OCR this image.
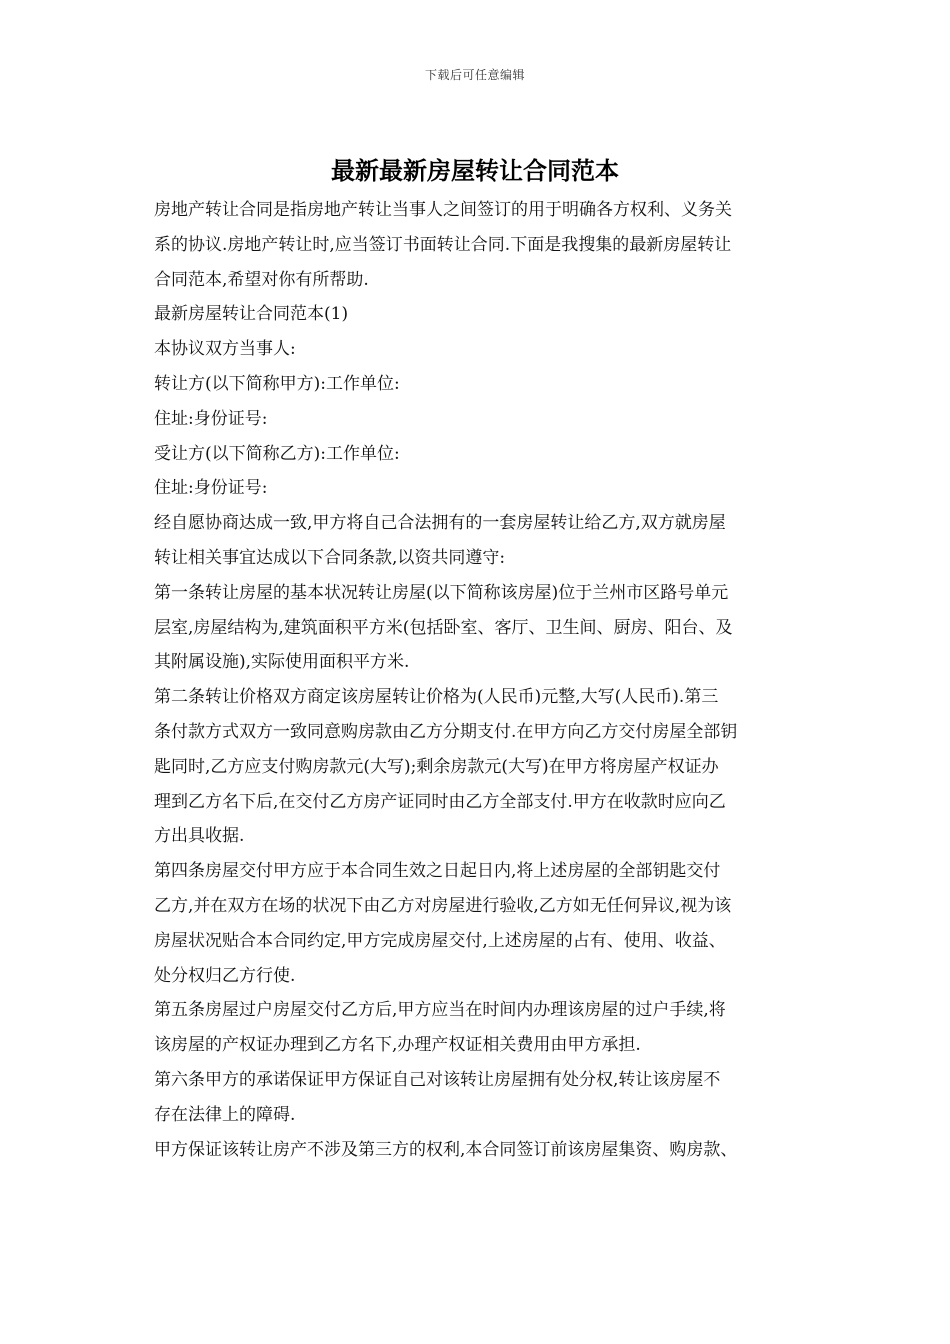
下载后可任意编辑
最新最新房屋转让合同范本

房地产转让合同是指房地产转让当事人之间签订的用于明确各方权利、义务关

系的协议.房地产转让时,应当签订书面转让合同.下面是我搜集的最新房屋转让

合同范本,希望对你有所帮助.

最新房屋转让合同范本(1)

本协议双方当事人:

转让方(以下简称甲方):工作单位:

住址:身份证号:

受让方(以下简称乙方):工作单位:

住址:身份证号:

经自愿协商达成一致,甲方将自己合法拥有的一套房屋转让给乙方,双方就房屋

转让相关事宜达成以下合同条款,以资共同遵守:

第一条转让房屋的基本状况转让房屋(以下简称该房屋)位于兰州市区路号单元

层室,房屋结构为,建筑面积平方米(包括卧室、客厅、卫生间、厨房、阳台、及

其附属设施),实际使用面积平方米.

第二条转让价格双方商定该房屋转让价格为(人民币)元整,大写(人民币).第三

条付款方式双方一致同意购房款由乙方分期支付.在甲方向乙方交付房屋全部钥

匙同时,乙方应支付购房款元(大写);剩余房款元(大写)在甲方将房屋产权证办

理到乙方名下后,在交付乙方房产证同时由乙方全部支付.甲方在收款时应向乙

方出具收据.

第四条房屋交付甲方应于本合同生效之日起日内,将上述房屋的全部钥匙交付

乙方,并在双方在场的状况下由乙方对房屋进行验收,乙方如无任何异议,视为该

房屋状况贴合本合同约定,甲方完成房屋交付,上述房屋的占有、使用、收益、

处分权归乙方行使.

第五条房屋过户房屋交付乙方后,甲方应当在时间内办理该房屋的过户手续,将

该房屋的产权证办理到乙方名下,办理产权证相关费用由甲方承担.

第六条甲方的承诺保证甲方保证自己对该转让房屋拥有处分权,转让该房屋不

存在法律上的障碍.

甲方保证该转让房产不涉及第三方的权利,本合同签订前该房屋集资、购房款、
